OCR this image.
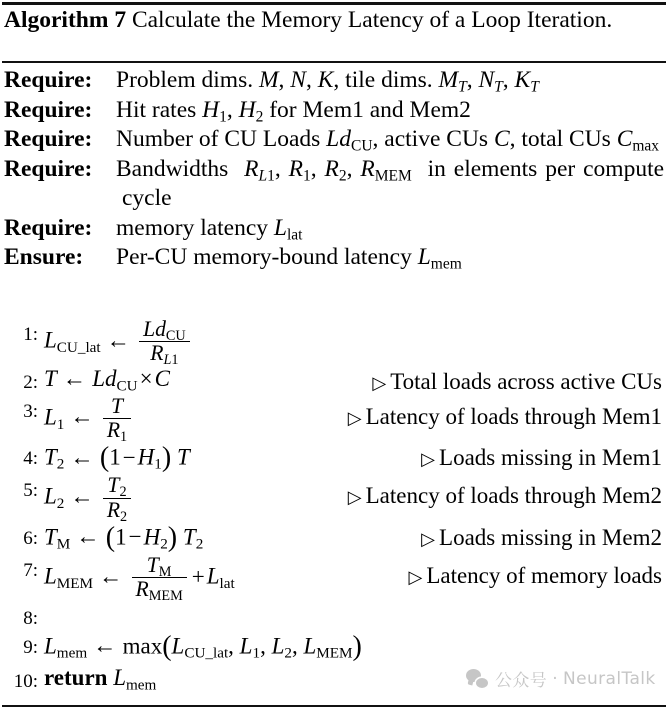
Algorithm 7 Calculate the Memory Latency of a Loop Iteration.
Require: Problem dims. M, N, K, tile dims. $M_T$, $N_T$, $K_T$
Require: Hit rates $H_1$, $H_2$ for Mem1 and Mem2
Require: Number of CU Loads $Ld_{CU}$, active CUs C, total CUs $C_{max}$
Require: Bandwidths  $R_{L1}$, $R_1$, $R_2$, $R_{MEM}$  in elements per compute cycle
Require: memory latency $L_{lat}$
Ensure: Per-CU memory-bound latency $L_{mem}$
1: $L_{CU\_lat}$ ← $\frac{Ld_{CU}}{R_{L1}}$
2: T ← $Ld_{CU}\times C$	▷ Total loads across active CUs
3: $L_1$ ← $\frac{T}{R_1}$	▷ Latency of loads through Mem1
4: $T_2$ ← $(1-H_1)$ T	▷ Loads missing in Mem1
5: $L_2$ ← $\frac{T_2}{R_2}$	▷ Latency of loads through Mem2
6: $T_M$ ← $(1-H_2)$ $T_2$	▷ Loads missing in Mem2
7: $L_{MEM}$ ← $\frac{T_M}{R_{MEM}} +L_{lat}$	▷ Latency of memory loads
8:
9: $L_{mem}$ ← $\max(L_{CU\_lat}$, $L_1$, $L_2$, $L_{MEM}$)
10: return $L_{mem}$	公众号 · NeuralTalk
